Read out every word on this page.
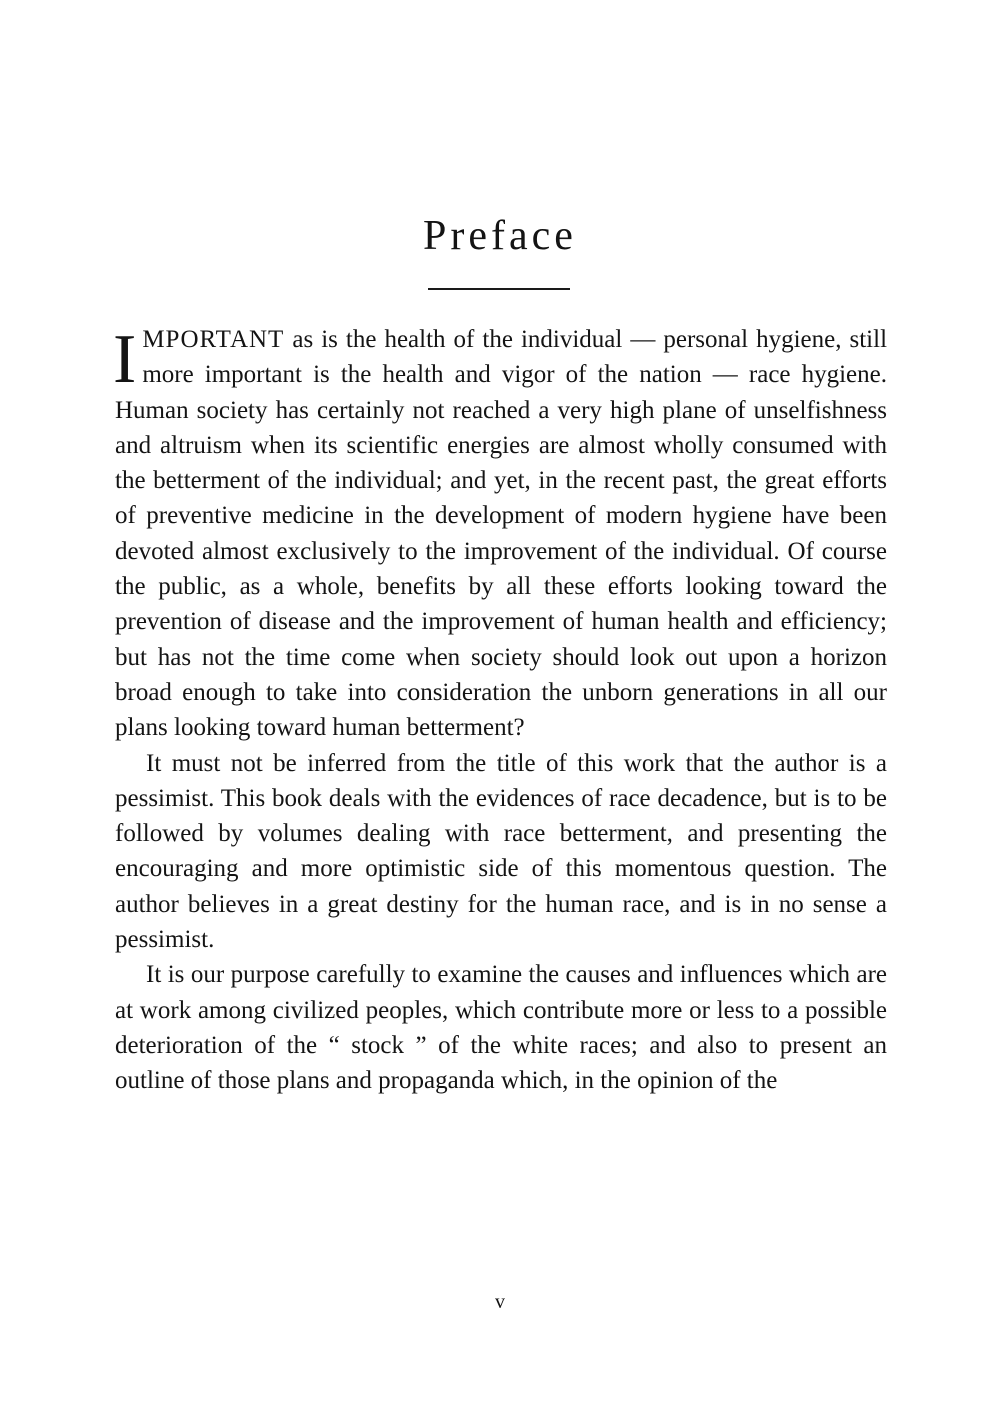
Preface

IMPORTANT as is the health of the individual — personal hygiene, still more important is the health and vigor of the nation — race hygiene. Human society has certainly not reached a very high plane of unselfishness and altruism when its scientific energies are almost wholly consumed with the betterment of the individual; and yet, in the recent past, the great efforts of preventive medicine in the development of modern hygiene have been devoted almost exclusively to the improvement of the individual. Of course the public, as a whole, benefits by all these efforts looking toward the prevention of disease and the improvement of human health and efficiency; but has not the time come when society should look out upon a horizon broad enough to take into consideration the unborn generations in all our plans looking toward human betterment?

It must not be inferred from the title of this work that the author is a pessimist. This book deals with the evidences of race decadence, but is to be followed by volumes dealing with race betterment, and presenting the encouraging and more optimistic side of this momentous question. The author believes in a great destiny for the human race, and is in no sense a pessimist.

It is our purpose carefully to examine the causes and influences which are at work among civilized peoples, which contribute more or less to a possible deterioration of the “ stock ” of the white races; and also to present an outline of those plans and propaganda which, in the opinion of the

v
